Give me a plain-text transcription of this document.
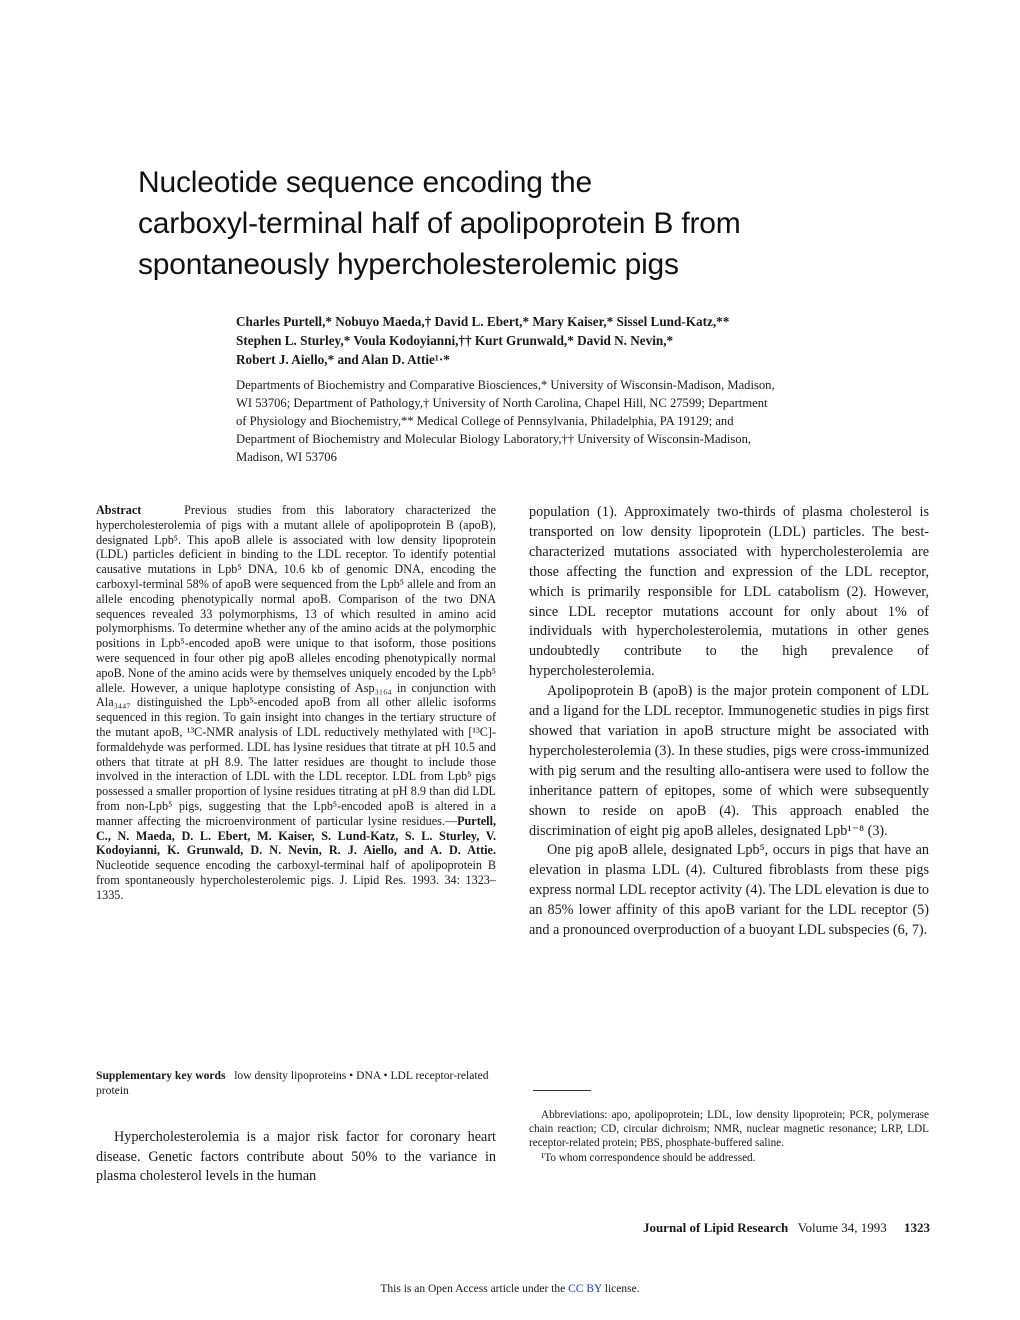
Nucleotide sequence encoding the
carboxyl-terminal half of apolipoprotein B from
spontaneously hypercholesterolemic pigs
Charles Purtell,* Nobuyo Maeda,† David L. Ebert,* Mary Kaiser,* Sissel Lund-Katz,**
Stephen L. Sturley,* Voula Kodoyianni,†† Kurt Grunwald,* David N. Nevin,*
Robert J. Aiello,* and Alan D. Attie¹·*
Departments of Biochemistry and Comparative Biosciences,* University of Wisconsin-Madison, Madison,
WI 53706; Department of Pathology,† University of North Carolina, Chapel Hill, NC 27599; Department
of Physiology and Biochemistry,** Medical College of Pennsylvania, Philadelphia, PA 19129; and
Department of Biochemistry and Molecular Biology Laboratory,†† University of Wisconsin-Madison,
Madison, WI 53706

Abstract	Previous studies from this laboratory characterized the hypercholesterolemia of pigs with a mutant allele of apolipoprotein B (apoB), designated Lpb⁵. This apoB allele is associated with low density lipoprotein (LDL) particles deficient in binding to the LDL receptor. To identify potential causative mutations in Lpb⁵ DNA, 10.6 kb of genomic DNA, encoding the carboxyl-terminal 58% of apoB were sequenced from the Lpb⁵ allele and from an allele encoding phenotypically normal apoB. Comparison of the two DNA sequences revealed 33 polymorphisms, 13 of which resulted in amino acid polymorphisms. To determine whether any of the amino acids at the polymorphic positions in Lpb⁵-encoded apoB were unique to that isoform, those positions were sequenced in four other pig apoB alleles encoding phenotypically normal apoB. None of the amino acids were by themselves uniquely encoded by the Lpb⁵ allele. However, a unique haplotype consisting of Asp₃₁₆₄ in conjunction with Ala₃₄₄₇ distinguished the Lpb⁵-encoded apoB from all other allelic isoforms sequenced in this region. To gain insight into changes in the tertiary structure of the mutant apoB, ¹³C-NMR analysis of LDL reductively methylated with [¹³C]-formaldehyde was performed. LDL has lysine residues that titrate at pH 10.5 and others that titrate at pH 8.9. The latter residues are thought to include those involved in the interaction of LDL with the LDL receptor. LDL from Lpb⁵ pigs possessed a smaller proportion of lysine residues titrating at pH 8.9 than did LDL from non-Lpb⁵ pigs, suggesting that the Lpb⁵-encoded apoB is altered in a manner affecting the microenvironment of particular lysine residues.—Purtell, C., N. Maeda, D. L. Ebert, M. Kaiser, S. Lund-Katz, S. L. Sturley, V. Kodoyianni, K. Grunwald, D. N. Nevin, R. J. Aiello, and A. D. Attie. Nucleotide sequence encoding the carboxyl-terminal half of apolipoprotein B from spontaneously hypercholesterolemic pigs. J. Lipid Res. 1993. 34: 1323–1335.

Supplementary key words low density lipoproteins • DNA • LDL receptor-related protein

Hypercholesterolemia is a major risk factor for coronary heart disease. Genetic factors contribute about 50% to the variance in plasma cholesterol levels in the human

population (1). Approximately two-thirds of plasma cholesterol is transported on low density lipoprotein (LDL) particles. The best-characterized mutations associated with hypercholesterolemia are those affecting the function and expression of the LDL receptor, which is primarily responsible for LDL catabolism (2). However, since LDL receptor mutations account for only about 1% of individuals with hypercholesterolemia, mutations in other genes undoubtedly contribute to the high prevalence of hypercholesterolemia.

Apolipoprotein B (apoB) is the major protein component of LDL and a ligand for the LDL receptor. Immunogenetic studies in pigs first showed that variation in apoB structure might be associated with hypercholesterolemia (3). In these studies, pigs were cross-immunized with pig serum and the resulting allo-antisera were used to follow the inheritance pattern of epitopes, some of which were subsequently shown to reside on apoB (4). This approach enabled the discrimination of eight pig apoB alleles, designated Lpb¹⁻⁸ (3).

One pig apoB allele, designated Lpb⁵, occurs in pigs that have an elevation in plasma LDL (4). Cultured fibroblasts from these pigs express normal LDL receptor activity (4). The LDL elevation is due to an 85% lower affinity of this apoB variant for the LDL receptor (5) and a pronounced overproduction of a buoyant LDL subspecies (6, 7).

Abbreviations: apo, apolipoprotein; LDL, low density lipoprotein; PCR, polymerase chain reaction; CD, circular dichroism; NMR, nuclear magnetic resonance; LRP, LDL receptor-related protein; PBS, phosphate-buffered saline.

¹To whom correspondence should be addressed.

Journal of Lipid Research Volume 34, 1993 1323
This is an Open Access article under the CC BY license.
